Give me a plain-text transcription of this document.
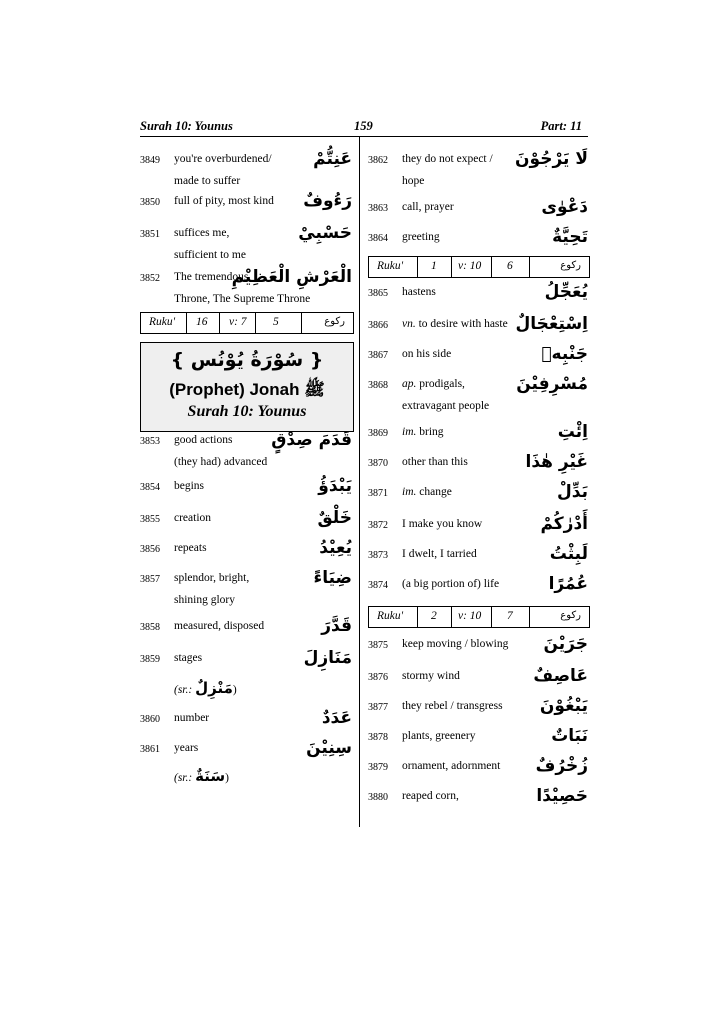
Surah 10: Younus	159	Part: 11
3849 you're overburdened/
made to suffer
عَنِتُّمْ
3850 full of pity, most kind رَءُوفٌ
3851 suffices me,
sufficient to me
حَسْبِيْ
3852 The tremendous
Throne, The Supreme Throne
الْعَرْشِ الْعَظِيْمِ
Ruku' 16 v: 7 5	رکوع
{ سُوْرَةُ يُوْنُس }
(Prophet) Jonah ﷺ
Surah 10: Younus
3853 good actions
(they had) advanced
قَدَمَ صِدْقٍ
3854 begins	يَبْدَؤُ
3855 creation	خَلْقٌ
3856 repeats	يُعِيْدُ
3857 splendor, bright,
shining glory
ضِيَاءً
3858 measured, disposed	قَدَّرَ
3859 stages	مَنَازِلَ
(sr.: مَنْزِلٌ)
3860 number	عَدَدٌ
3861 years	سِنِيْنَ
(sr.: سَنَةٌ)
3862 they do not expect /
hope
لَا يَرْجُوْنَ
3863 call, prayer	دَعْوٰى
3864 greeting	تَحِيَّةٌ
Ruku' 1 v: 10 6	رکوع
3865 hastens	يُعَجِّلُ
3866 vn. to desire with haste اِسْتِعْجَالٌ
3867 on his side	جَنْبِهٖ
3868 ap. prodigals,
extravagant people
مُسْرِفِيْنَ
3869 im. bring	اِئْتِ
3870 other than this	غَيْرِ هٰذَا
3871 im. change	بَدِّلْ
3872 I make you know	أَدْرٰكُمْ
3873 I dwelt, I tarried	لَبِثْتُ
3874 (a big portion of) life	عُمُرًا
Ruku' 2 v: 10 7	رکوع
3875 keep moving / blowing جَرَيْنَ
3876 stormy wind	عَاصِفٌ
3877 they rebel / transgress يَبْغُوْنَ
3878 plants, greenery	نَبَاتٌ
3879 ornament, adornment زُخْرُفٌ
3880 reaped corn,	حَصِيْدًا
